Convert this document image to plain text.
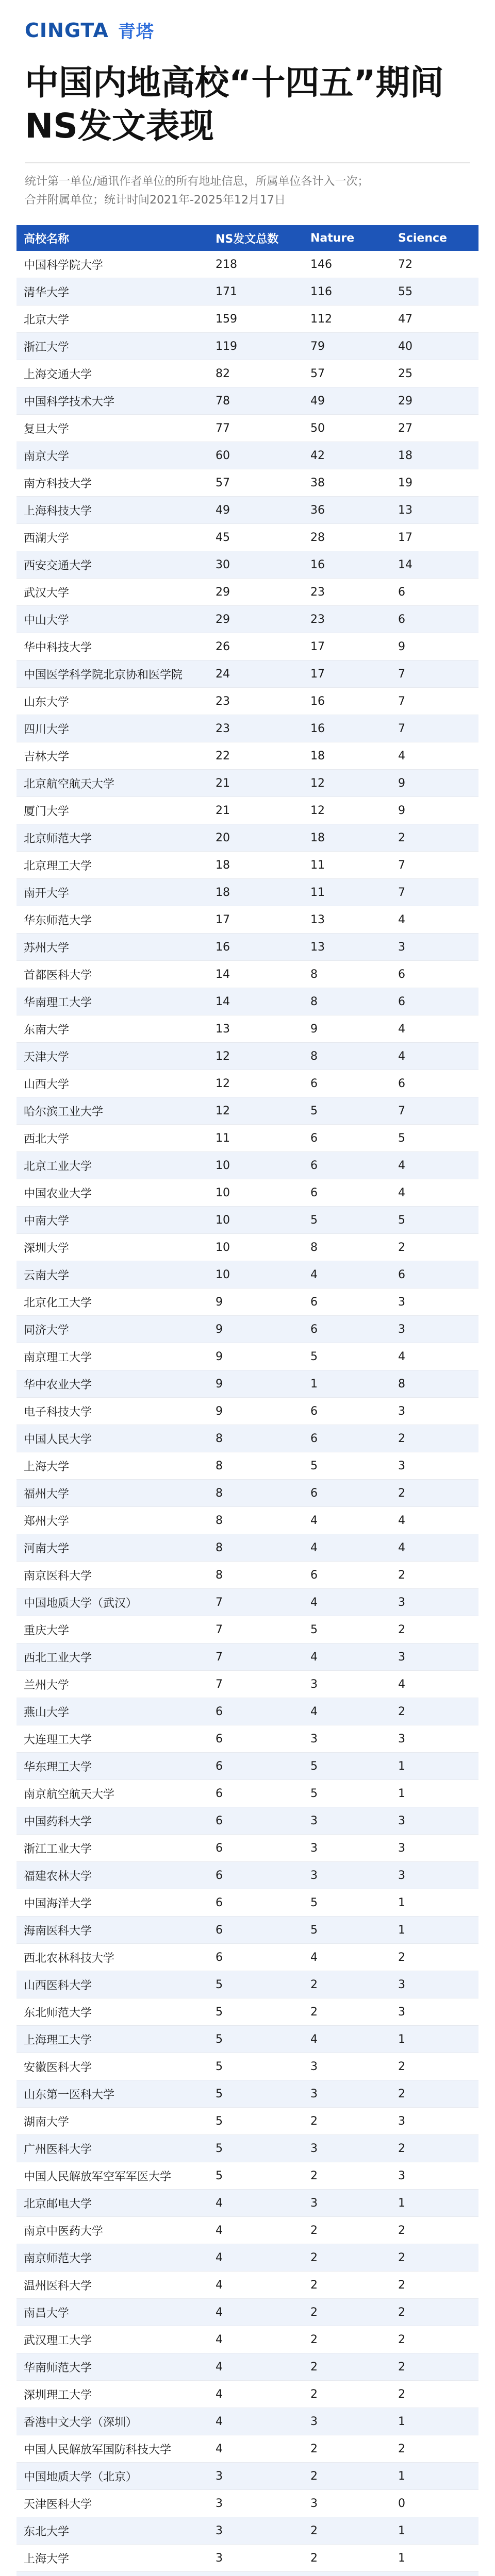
CINGTA 青塔
中国内地高校“十四五”期间
NS发文表现
统计第一单位/通讯作者单位的所有地址信息，所属单位各计入一次；
合并附属单位；统计时间2021年-2025年12月17日
高校名称	NS发文总数	Nature	Science
中国科学院大学	218	146	72
清华大学	171	116	55
北京大学	159	112	47
浙江大学	119	79	40
上海交通大学	82	57	25
中国科学技术大学	78	49	29
复旦大学	77	50	27
南京大学	60	42	18
南方科技大学	57	38	19
上海科技大学	49	36	13
西湖大学	45	28	17
西安交通大学	30	16	14
武汉大学	29	23	6
中山大学	29	23	6
华中科技大学	26	17	9
中国医学科学院北京协和医学院	24	17	7
山东大学	23	16	7
四川大学	23	16	7
吉林大学	22	18	4
北京航空航天大学	21	12	9
厦门大学	21	12	9
北京师范大学	20	18	2
北京理工大学	18	11	7
南开大学	18	11	7
华东师范大学	17	13	4
苏州大学	16	13	3
首都医科大学	14	8	6
华南理工大学	14	8	6
东南大学	13	9	4
天津大学	12	8	4
山西大学	12	6	6
哈尔滨工业大学	12	5	7
西北大学	11	6	5
北京工业大学	10	6	4
中国农业大学	10	6	4
中南大学	10	5	5
深圳大学	10	8	2
云南大学	10	4	6
北京化工大学	9	6	3
同济大学	9	6	3
南京理工大学	9	5	4
华中农业大学	9	1	8
电子科技大学	9	6	3
中国人民大学	8	6	2
上海大学	8	5	3
福州大学	8	6	2
郑州大学	8	4	4
河南大学	8	4	4
南京医科大学	8	6	2
中国地质大学（武汉）	7	4	3
重庆大学	7	5	2
西北工业大学	7	4	3
兰州大学	7	3	4
燕山大学	6	4	2
大连理工大学	6	3	3
华东理工大学	6	5	1
南京航空航天大学	6	5	1
中国药科大学	6	3	3
浙江工业大学	6	3	3
福建农林大学	6	3	3
中国海洋大学	6	5	1
海南医科大学	6	5	1
西北农林科技大学	6	4	2
山西医科大学	5	2	3
东北师范大学	5	2	3
上海理工大学	5	4	1
安徽医科大学	5	3	2
山东第一医科大学	5	3	2
湖南大学	5	2	3
广州医科大学	5	3	2
中国人民解放军空军军医大学	5	2	3
北京邮电大学	4	3	1
南京中医药大学	4	2	2
南京师范大学	4	2	2
温州医科大学	4	2	2
南昌大学	4	2	2
武汉理工大学	4	2	2
华南师范大学	4	2	2
深圳理工大学	4	2	2
香港中文大学（深圳）	4	3	1
中国人民解放军国防科技大学	4	2	2
中国地质大学（北京）	3	2	1
天津医科大学	3	3	0
东北大学	3	2	1
上海大学	3	2	1
